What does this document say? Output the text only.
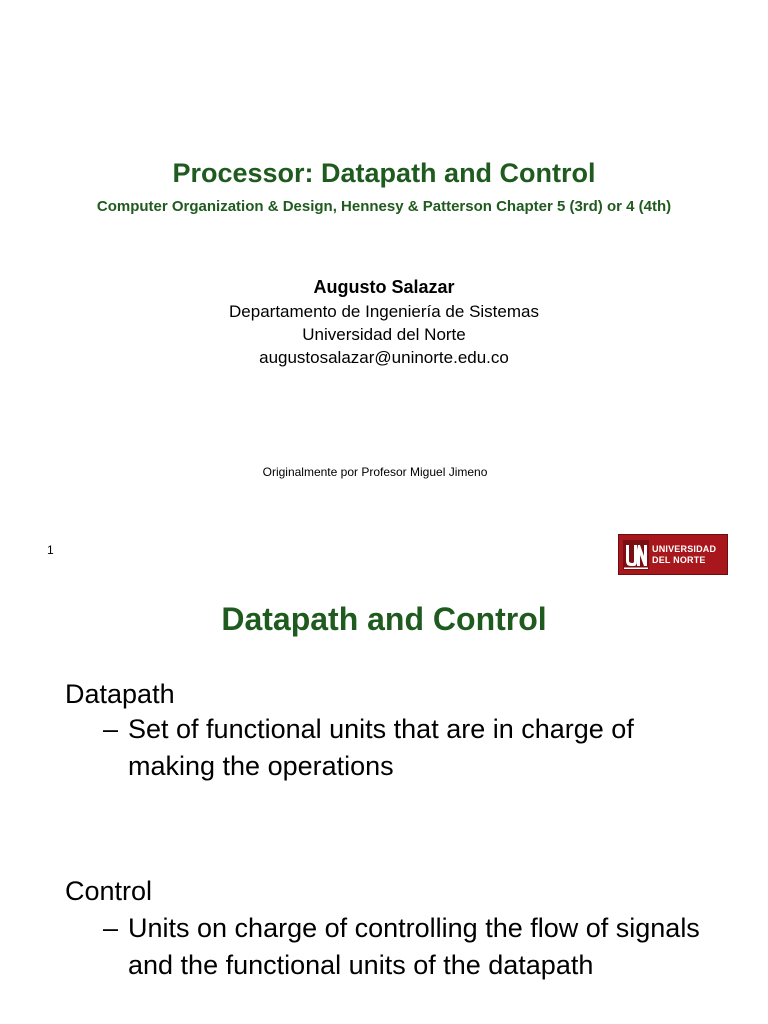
Processor: Datapath and Control
Computer Organization & Design, Hennesy & Patterson Chapter 5 (3rd) or 4 (4th)
Augusto Salazar
Departamento de Ingeniería de Sistemas
Universidad del Norte
augustosalazar@uninorte.edu.co
Originalmente por Profesor Miguel Jimeno
1	UNIVERSIDAD
DEL NORTE
Datapath and Control
Datapath
– Set of functional units that are in charge of making the operations
Control
– Units on charge of controlling the flow of signals and the functional units of the datapath
